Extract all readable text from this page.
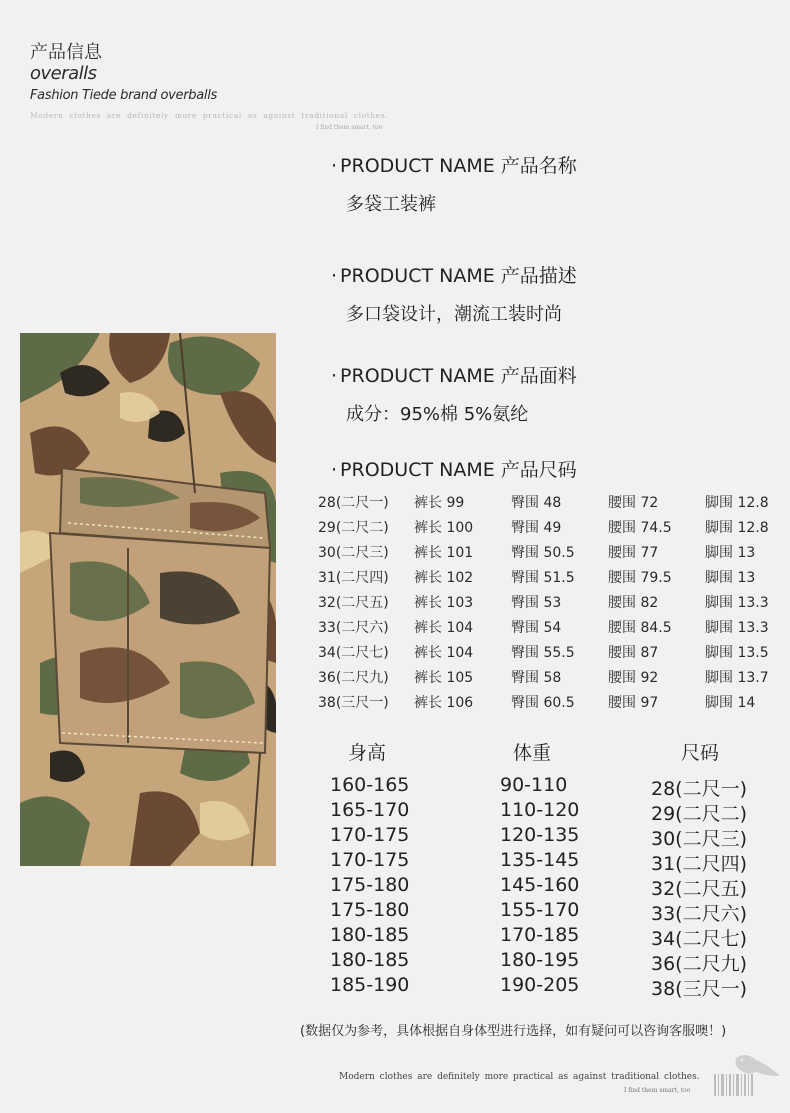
产品信息
overalls
Fashion Tiede brand overballs
Modern clothes are definitely more practical as against traditional clothes.
I find them smart, too
· PRODUCT NAME 产品名称
多袋工装裤
· PRODUCT NAME 产品描述
多口袋设计，潮流工装时尚
· PRODUCT NAME 产品面料
成分：95%棉 5%氨纶
· PRODUCT NAME 产品尺码
28(二尺一) 裤长 99	臀围 48	腰围 72	脚围 12.8
29(二尺二) 裤长 100	臀围 49	腰围 74.5 脚围 12.8
30(二尺三) 裤长 101	臀围 50.5 腰围 77	脚围 13
31(二尺四) 裤长 102	臀围 51.5 腰围 79.5 脚围 13
32(二尺五) 裤长 103	臀围 53	腰围 82	脚围 13.3
33(二尺六) 裤长 104	臀围 54	腰围 84.5 脚围 13.3
34(二尺七) 裤长 104	臀围 55.5 腰围 87	脚围 13.5
36(二尺九) 裤长 105	臀围 58	腰围 92	脚围 13.7
38(三尺一) 裤长 106	臀围 60.5 腰围 97	脚围 14
身高	体重	尺码
160-165	90-110	28(二尺一)
165-170	110-120	29(二尺二)
170-175	120-135	30(二尺三)
170-175	135-145	31(二尺四)
175-180	145-160	32(二尺五)
175-180	155-170	33(二尺六)
180-185	170-185	34(二尺七)
180-185	180-195	36(二尺九)
185-190	190-205	38(三尺一)
(数据仅为参考，具体根据自身体型进行选择，如有疑问可以咨询客服噢！)
Modern clothes are definitely more practical as against traditional clothes.
I find them smart, too
